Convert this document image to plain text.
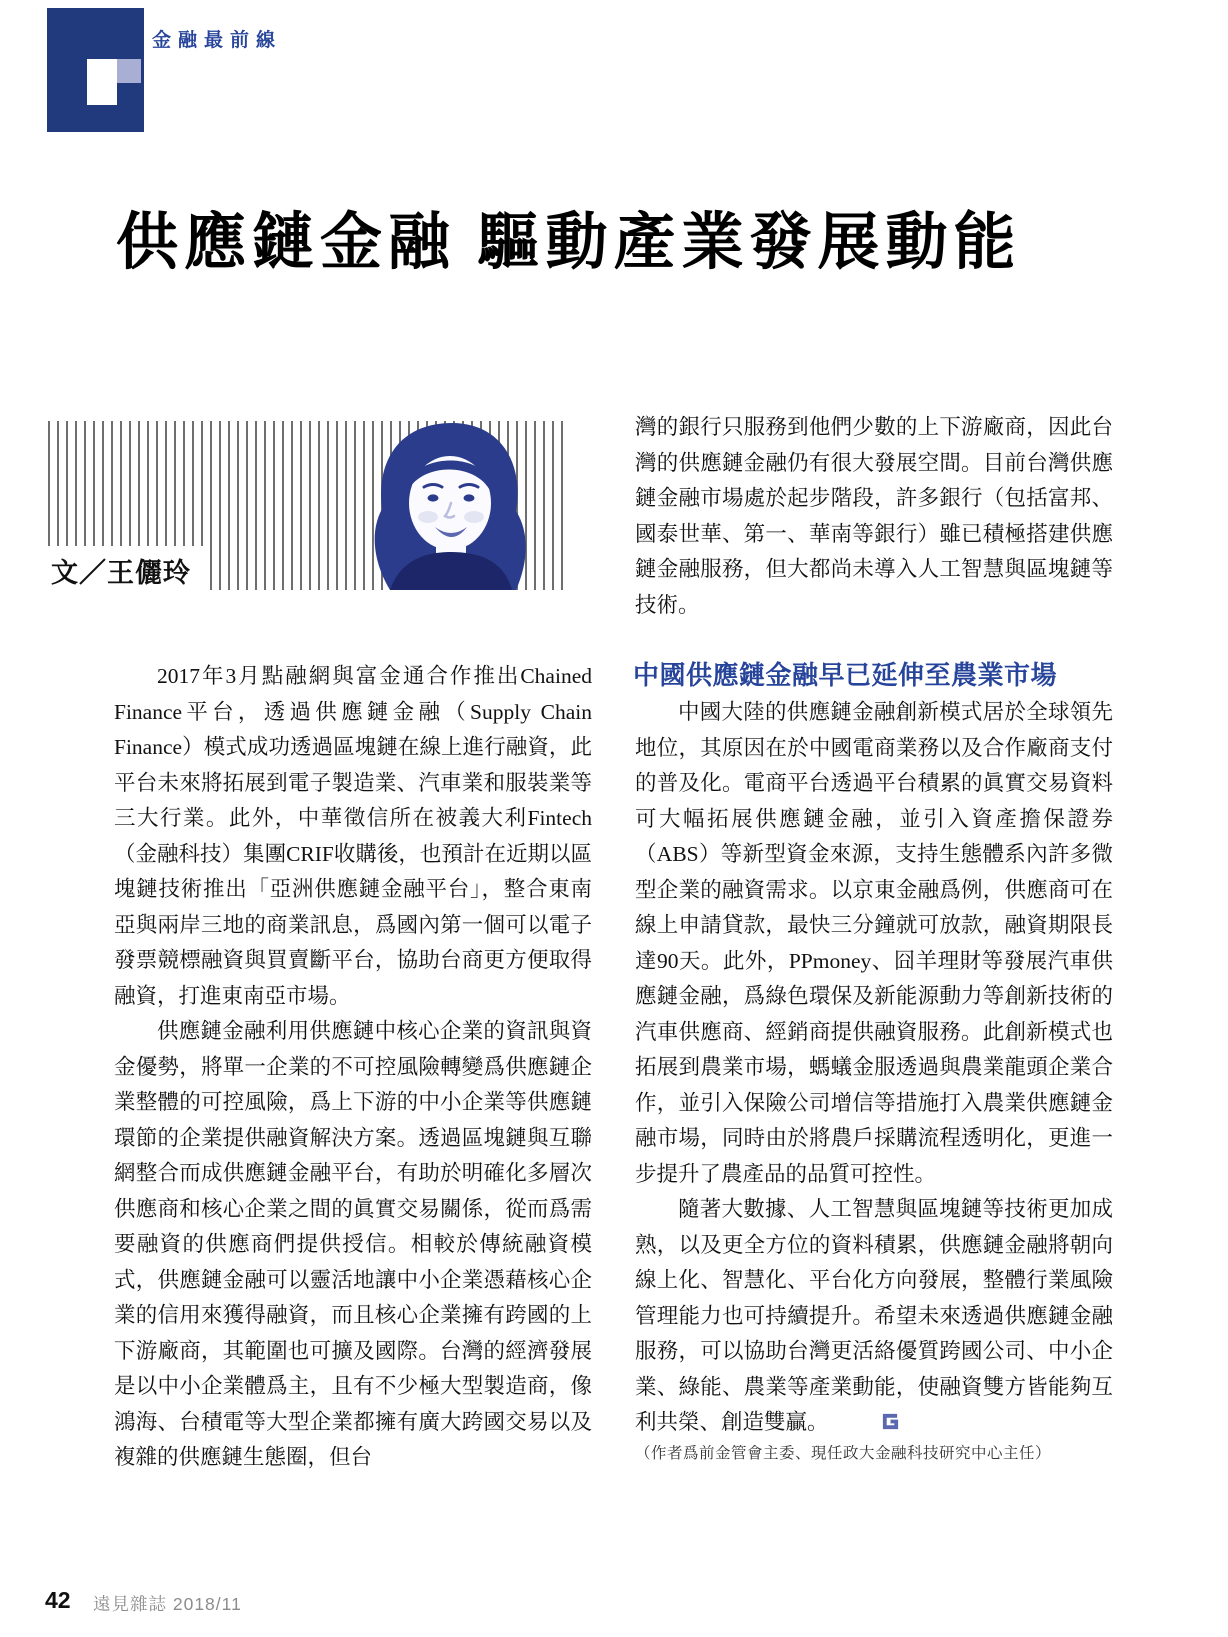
金融最前線
供應鏈金融 驅動產業發展動能
文／王儷玲

2017年3月點融網與富金通合作推出Chained Finance平台，透過供應鏈金融（Supply Chain Finance）模式成功透過區塊鏈在線上進行融資，此平台未來將拓展到電子製造業、汽車業和服裝業等三大行業。此外，中華徵信所在被義大利Fintech（金融科技）集團CRIF收購後，也預計在近期以區塊鏈技術推出「亞洲供應鏈金融平台」，整合東南亞與兩岸三地的商業訊息，爲國內第一個可以電子發票競標融資與買賣斷平台，協助台商更方便取得融資，打進東南亞市場。

供應鏈金融利用供應鏈中核心企業的資訊與資金優勢，將單一企業的不可控風險轉變爲供應鏈企業整體的可控風險，爲上下游的中小企業等供應鏈環節的企業提供融資解決方案。透過區塊鏈與互聯網整合而成供應鏈金融平台，有助於明確化多層次供應商和核心企業之間的眞實交易關係，從而爲需要融資的供應商們提供授信。相較於傳統融資模式，供應鏈金融可以靈活地讓中小企業憑藉核心企業的信用來獲得融資，而且核心企業擁有跨國的上下游廠商，其範圍也可擴及國際。台灣的經濟發展是以中小企業體爲主，且有不少極大型製造商，像鴻海、台積電等大型企業都擁有廣大跨國交易以及複雜的供應鏈生態圈，但台

灣的銀行只服務到他們少數的上下游廠商，因此台灣的供應鏈金融仍有很大發展空間。目前台灣供應鏈金融市場處於起步階段，許多銀行（包括富邦、國泰世華、第一、華南等銀行）雖已積極搭建供應鏈金融服務，但大都尚未導入人工智慧與區塊鏈等技術。

中國供應鏈金融早已延伸至農業市場

中國大陸的供應鏈金融創新模式居於全球領先地位，其原因在於中國電商業務以及合作廠商支付的普及化。電商平台透過平台積累的眞實交易資料可大幅拓展供應鏈金融，並引入資產擔保證券（ABS）等新型資金來源，支持生態體系內許多微型企業的融資需求。以京東金融爲例，供應商可在線上申請貸款，最快三分鐘就可放款，融資期限長達90天。此外，PPmoney、囧羊理財等發展汽車供應鏈金融，爲綠色環保及新能源動力等創新技術的汽車供應商、經銷商提供融資服務。此創新模式也拓展到農業市場，螞蟻金服透過與農業龍頭企業合作，並引入保險公司增信等措施打入農業供應鏈金融市場，同時由於將農戶採購流程透明化，更進一步提升了農產品的品質可控性。

隨著大數據、人工智慧與區塊鏈等技術更加成熟，以及更全方位的資料積累，供應鏈金融將朝向線上化、智慧化、平台化方向發展，整體行業風險管理能力也可持續提升。希望未來透過供應鏈金融服務，可以協助台灣更活絡優質跨國公司、中小企業、綠能、農業等產業動能，使融資雙方皆能夠互利共榮、創造雙贏。

（作者爲前金管會主委、現任政大金融科技研究中心主任）
42 遠見雜誌 2018/11
